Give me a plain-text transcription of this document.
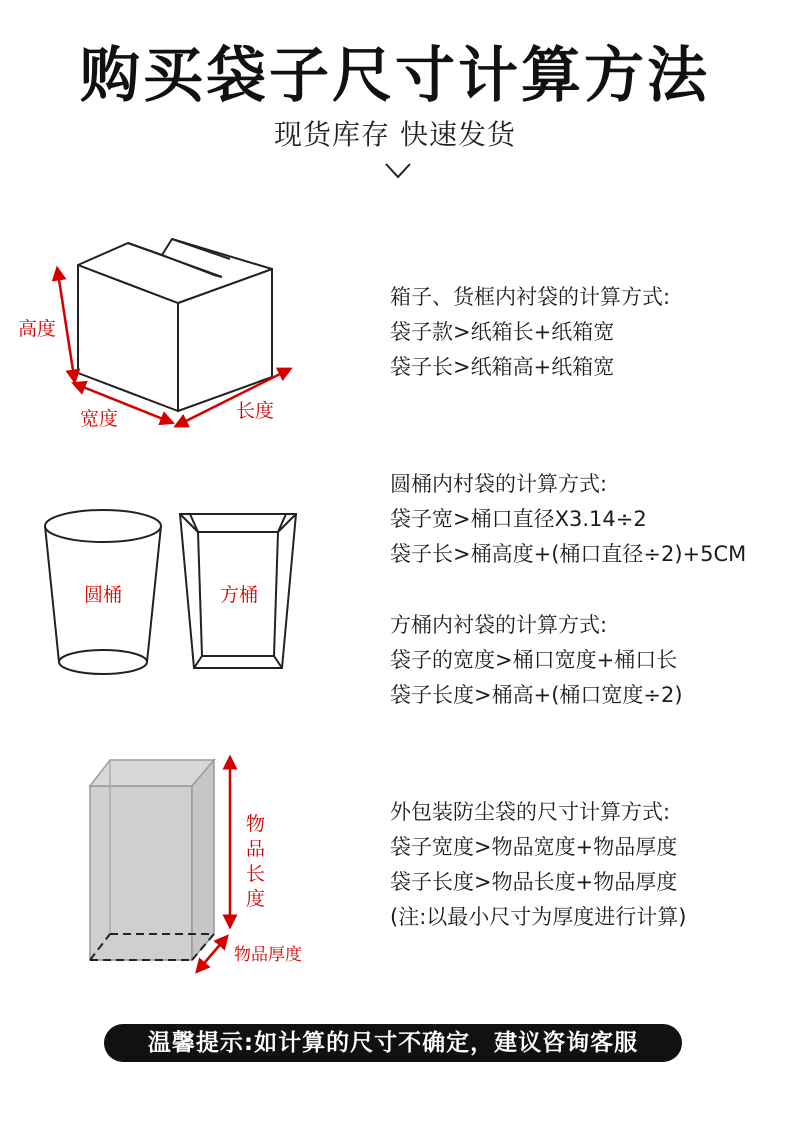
购买袋子尺寸计算方法
现货库存 快速发货
高度
宽度	长度
箱子、货框内衬袋的计算方式:
袋子款>纸箱长+纸箱宽
袋子长>纸箱高+纸箱宽
圆桶	方桶
圆桶内村袋的计算方式:
袋子宽>桶口直径X3.14÷2
袋子长>桶高度+(桶口直径÷2)+5CM
方桶内衬袋的计算方式:
袋子的宽度>桶口宽度+桶口长
袋子长度>桶高+(桶口宽度÷2)
物品长度
物品厚度
外包装防尘袋的尺寸计算方式:
袋子宽度>物品宽度+物品厚度
袋子长度>物品长度+物品厚度
(注:以最小尺寸为厚度进行计算)
温馨提示:如计算的尺寸不确定，建议咨询客服
